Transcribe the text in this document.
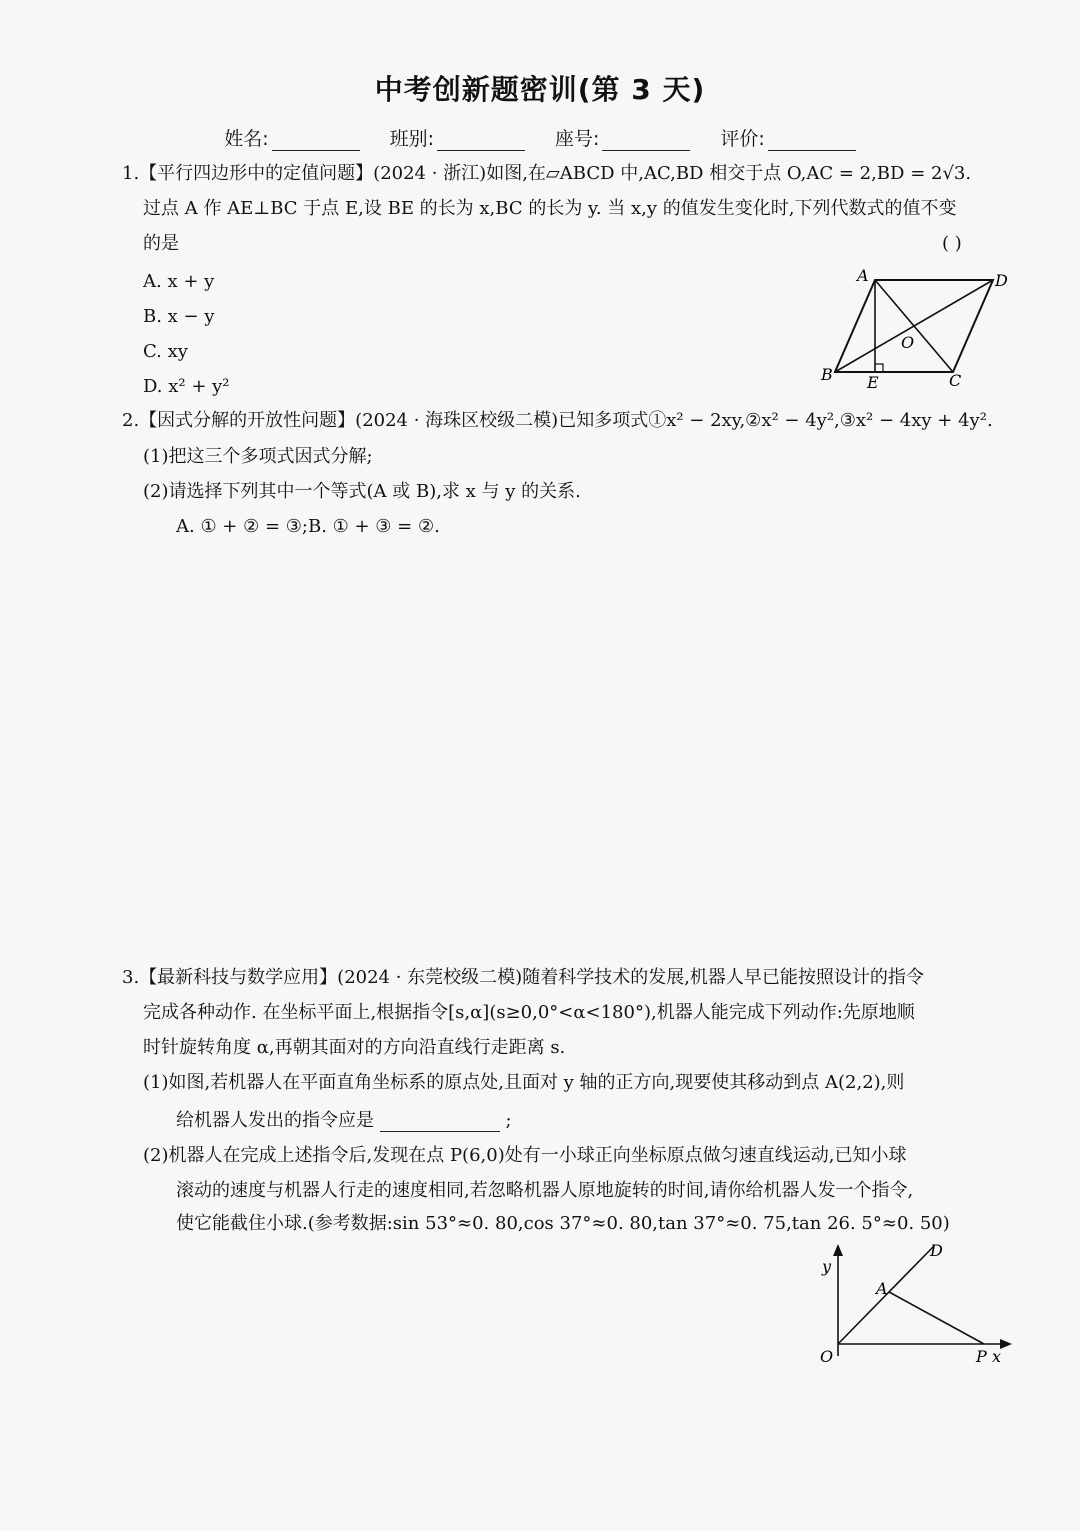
中考创新题密训(第 3 天)
姓名:	班别:	座号:	评价:
1.【平行四边形中的定值问题】(2024 · 浙江)如图,在▱ABCD 中,AC,BD 相交于点 O,AC = 2,BD = 2√3.
过点 A 作 AE⊥BC 于点 E,设 BE 的长为 x,BC 的长为 y. 当 x,y 的值发生变化时,下列代数式的值不变
的是	( )
A. x + y
B. x − y
C. xy
D. x² + y²
A	D
B E	C
O
2.【因式分解的开放性问题】(2024 · 海珠区校级二模)已知多项式①x² − 2xy,②x² − 4y²,③x² − 4xy + 4y².
(1)把这三个多项式因式分解;
(2)请选择下列其中一个等式(A 或 B),求 x 与 y 的关系.
A. ① + ② = ③;B. ① + ③ = ②.
3.【最新科技与数学应用】(2024 · 东莞校级二模)随着科学技术的发展,机器人早已能按照设计的指令
完成各种动作. 在坐标平面上,根据指令[s,α](s≥0,0°<α<180°),机器人能完成下列动作:先原地顺
时针旋转角度 α,再朝其面对的方向沿直线行走距离 s.
(1)如图,若机器人在平面直角坐标系的原点处,且面对 y 轴的正方向,现要使其移动到点 A(2,2),则
给机器人发出的指令应是	;
(2)机器人在完成上述指令后,发现在点 P(6,0)处有一小球正向坐标原点做匀速直线运动,已知小球
滚动的速度与机器人行走的速度相同,若忽略机器人原地旋转的时间,请你给机器人发一个指令,
使它能截住小球.(参考数据:sin 53°≈0. 80,cos 37°≈0. 80,tan 37°≈0. 75,tan 26. 5°≈0. 50)
y
x
O
A
D
P
